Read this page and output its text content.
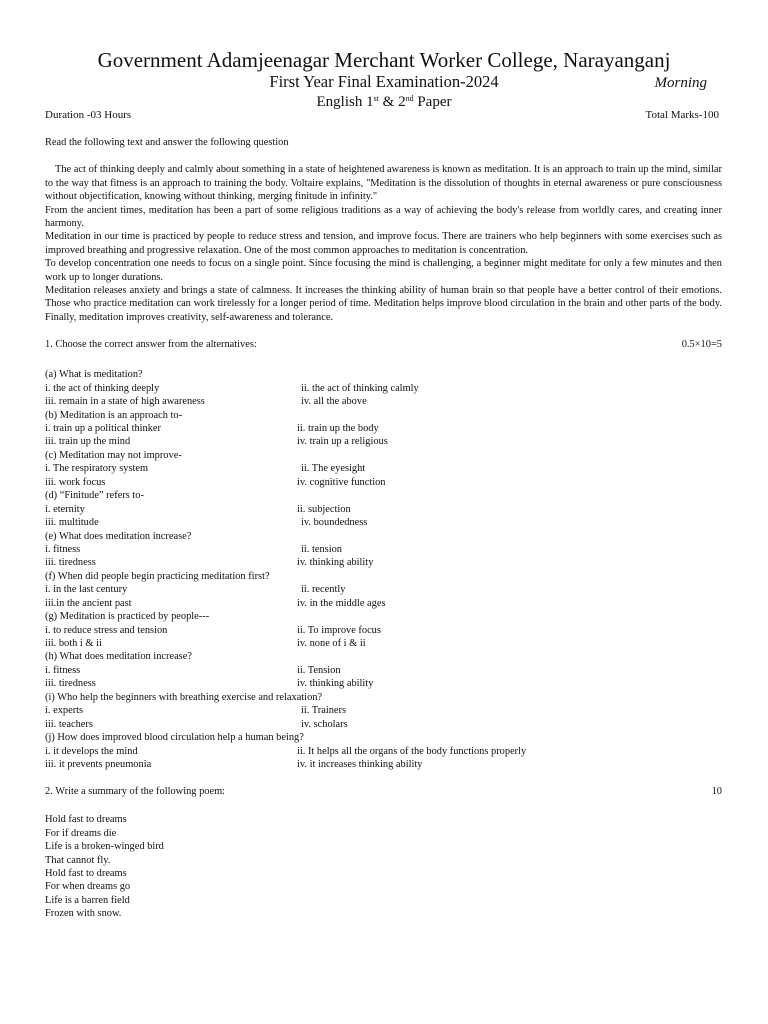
Government Adamjeenagar Merchant Worker College, Narayanganj
First Year Final Examination-2024	Morning
English 1st & 2nd Paper
Duration -03 Hours	Total Marks-100

Read the following text and answer the following question

The act of thinking deeply and calmly about something in a state of heightened awareness is known as meditation. It is an approach to train up the mind, similar to the way that fitness is an approach to training the body. Voltaire explains, "Meditation is the dissolution of thoughts in eternal awareness or pure consciousness without objectification, knowing without thinking, merging finitude in infinity."

From the ancient times, meditation has been a part of some religious traditions as a way of achieving the body's release from worldly cares, and creating inner harmony.

Meditation in our time is practiced by people to reduce stress and tension, and improve focus. There are trainers who help beginners with some exercises such as improved breathing and progressive relaxation. One of the most common approaches to meditation is concentration.

To develop concentration one needs to focus on a single point. Since focusing the mind is challenging, a beginner might meditate for only a few minutes and then work up to longer durations.

Meditation releases anxiety and brings a state of calmness. It increases the thinking ability of human brain so that people have a better control of their emotions. Those who practice meditation can work tirelessly for a longer period of time. Meditation helps improve blood circulation in the brain and other parts of the body. Finally, meditation improves creativity, self-awareness and tolerance.

1. Choose the correct answer from the alternatives:	0.5×10=5
(a) What is meditation?
i. the act of thinking deeply	ii. the act of thinking calmly
iii. remain in a state of high awareness	iv. all the above
(b) Meditation is an approach to-
i. train up a political thinker	ii. train up the body
iii. train up the mind	iv. train up a religious
(c) Meditation may not improve-
i. The respiratory system	ii. The eyesight
iii. work focus	iv. cognitive function
(d) “Finitude” refers to-
i. eternity	ii. subjection
iii. multitude	iv. boundedness
(e) What does meditation increase?
i. fitness	ii. tension
iii. tiredness	iv. thinking ability
(f) When did people begin practicing meditation first?
i. in the last century	ii. recently
iii.in the ancient past	iv. in the middle ages
(g) Meditation is practiced by people---
i. to reduce stress and tension	ii. To improve focus
iii. both i & ii	iv. none of i & ii
(h) What does meditation increase?
i. fitness	ii. Tension
iii. tiredness	iv. thinking ability
(i) Who help the beginners with breathing exercise and relaxation?
i. experts	ii. Trainers
iii. teachers	iv. scholars
(j) How does improved blood circulation help a human being?
i. it develops the mind	ii. It helps all the organs of the body functions properly
iii. it prevents pneumonia	iv. it increases thinking ability
2. Write a summary of the following poem:	10
Hold fast to dreams
For if dreams die
Life is a broken-winged bird
That cannot fly.
Hold fast to dreams
For when dreams go
Life is a barren field
Frozen with snow.
